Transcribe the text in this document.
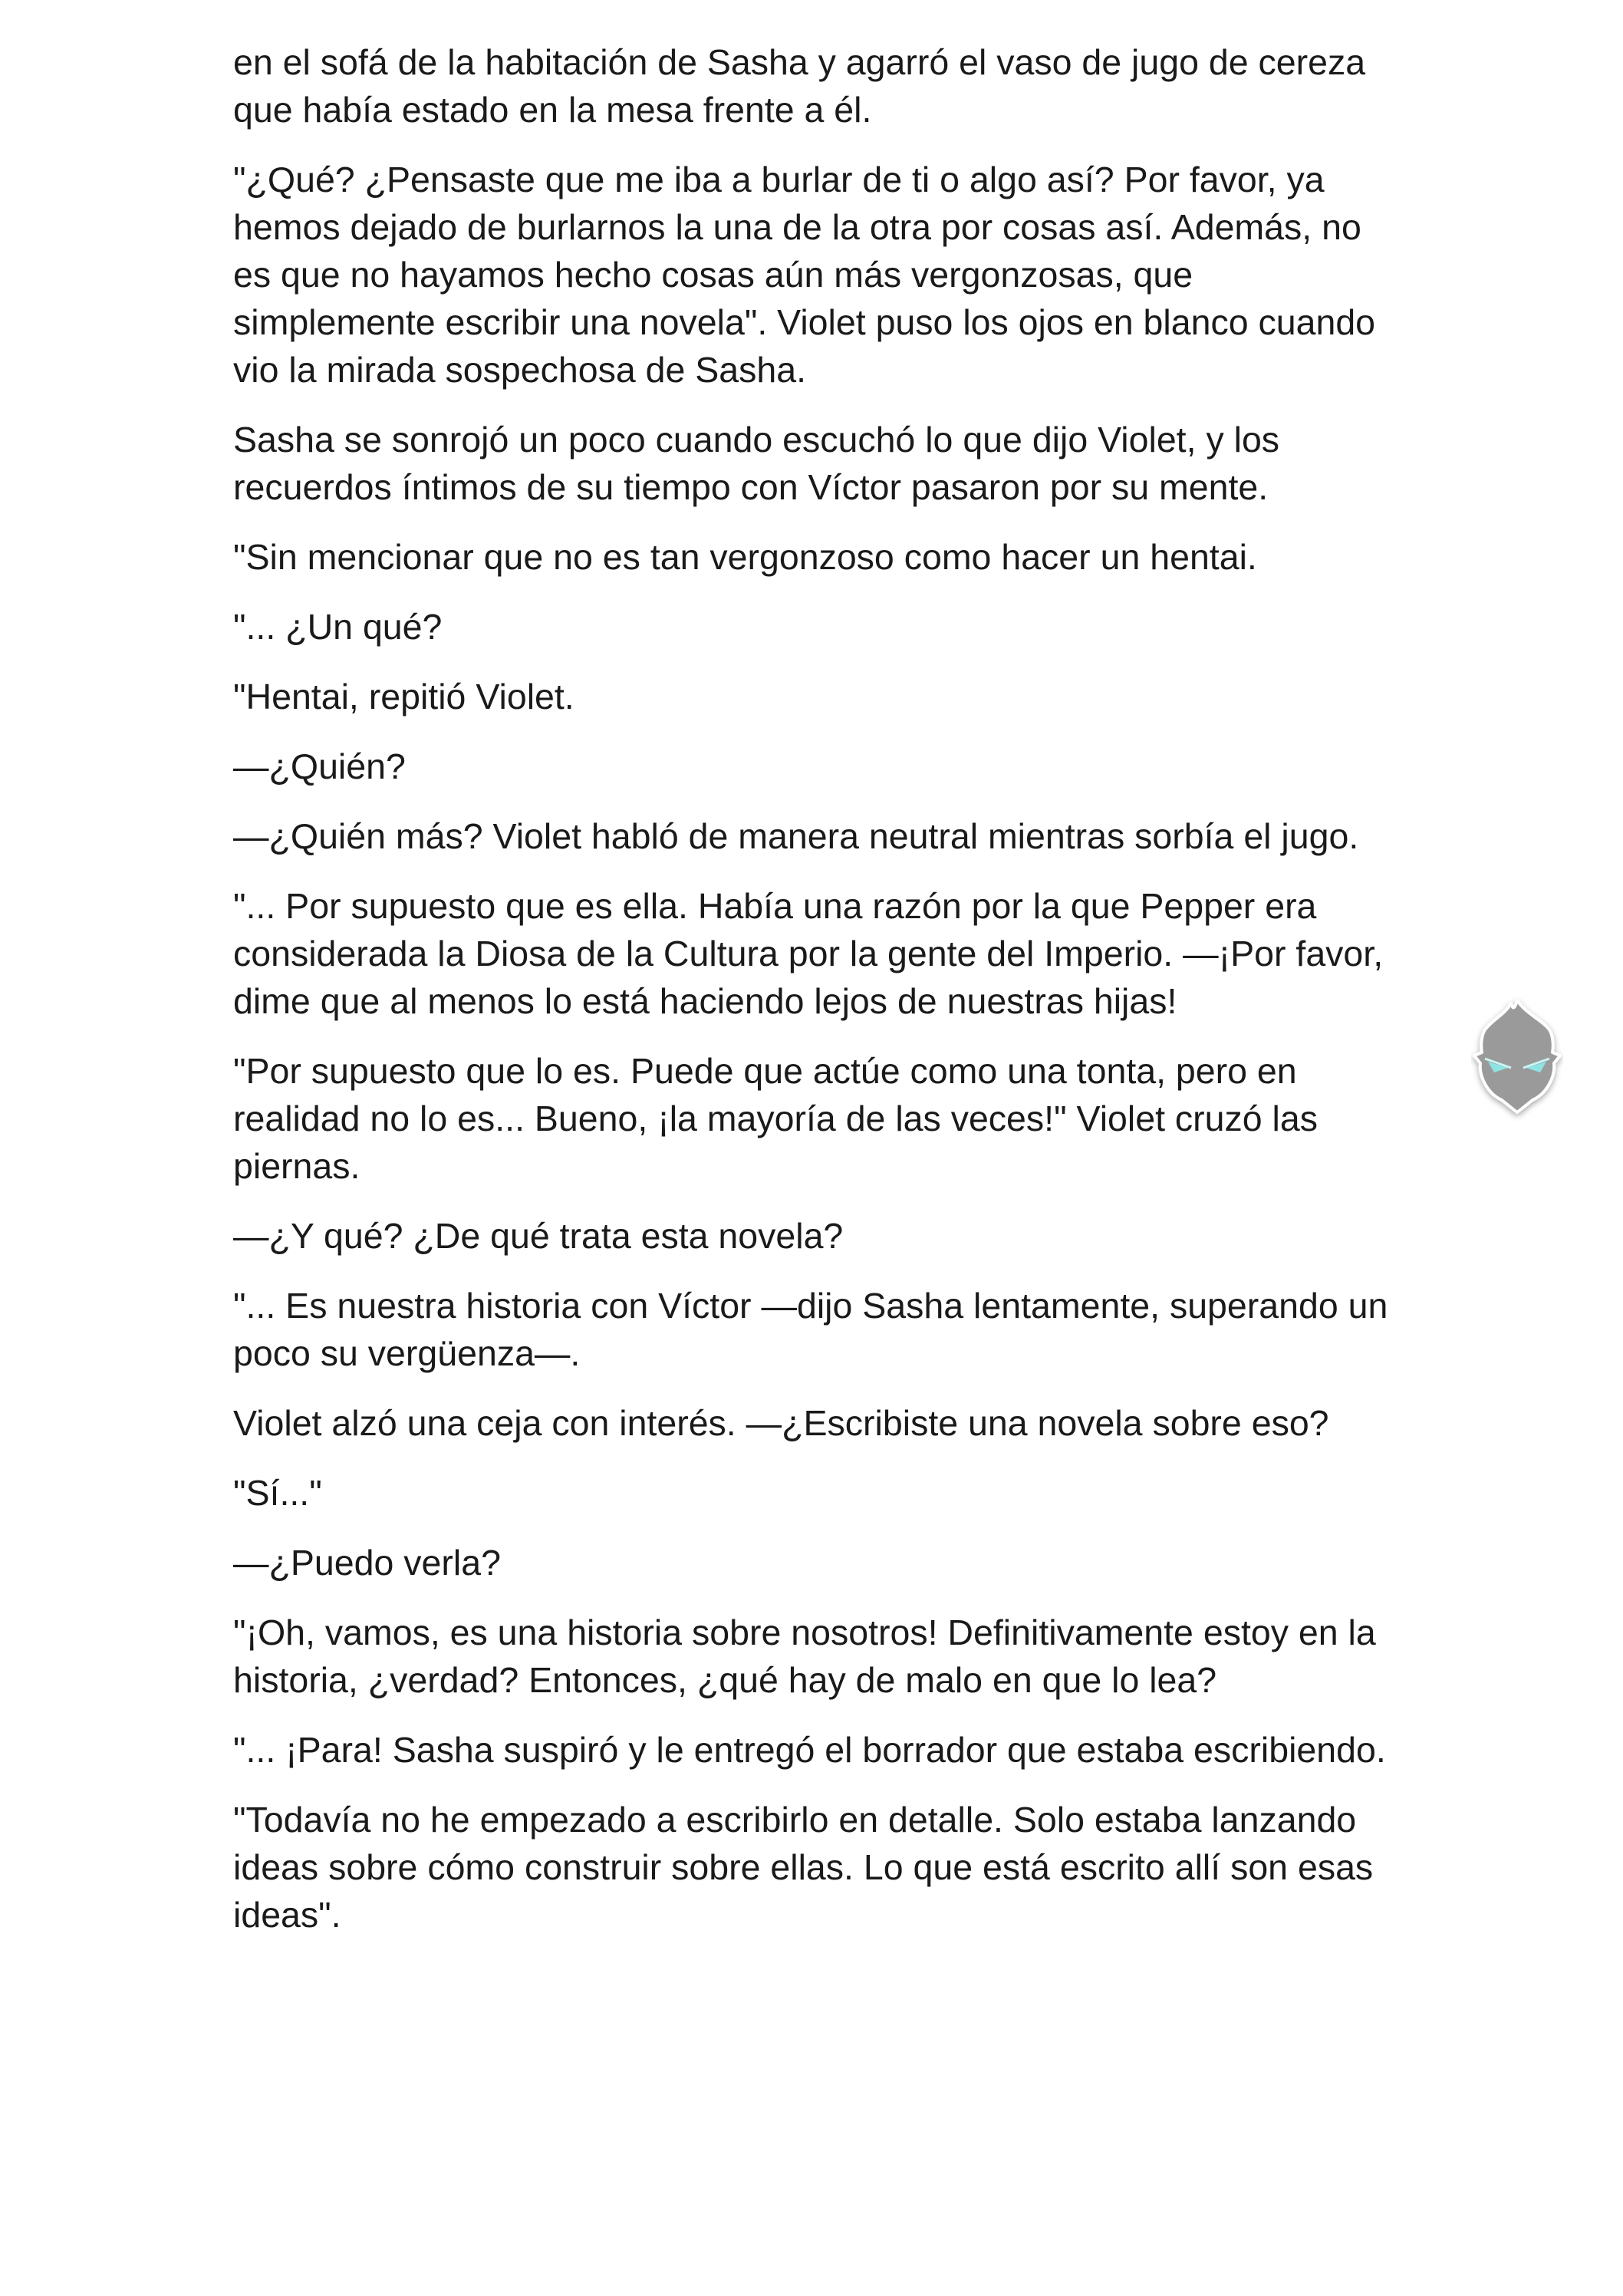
en el sofá de la habitación de Sasha y agarró el vaso de jugo de cereza que había estado en la mesa frente a él.

"¿Qué? ¿Pensaste que me iba a burlar de ti o algo así? Por favor, ya hemos dejado de burlarnos la una de la otra por cosas así. Además, no es que no hayamos hecho cosas aún más vergonzosas, que simplemente escribir una novela". Violet puso los ojos en blanco cuando vio la mirada sospechosa de Sasha.

Sasha se sonrojó un poco cuando escuchó lo que dijo Violet, y los recuerdos íntimos de su tiempo con Víctor pasaron por su mente.

"Sin mencionar que no es tan vergonzoso como hacer un hentai.

"... ¿Un qué?

"Hentai, repitió Violet.

—¿Quién?

—¿Quién más? Violet habló de manera neutral mientras sorbía el jugo.

"... Por supuesto que es ella. Había una razón por la que Pepper era considerada la Diosa de la Cultura por la gente del Imperio. —¡Por favor, dime que al menos lo está haciendo lejos de nuestras hijas!

"Por supuesto que lo es. Puede que actúe como una tonta, pero en realidad no lo es... Bueno, ¡la mayoría de las veces!" Violet cruzó las piernas.

—¿Y qué? ¿De qué trata esta novela?

"... Es nuestra historia con Víctor —dijo Sasha lentamente, superando un poco su vergüenza—.

Violet alzó una ceja con interés. —¿Escribiste una novela sobre eso?

"Sí..."

—¿Puedo verla?

"¡Oh, vamos, es una historia sobre nosotros! Definitivamente estoy en la historia, ¿verdad? Entonces, ¿qué hay de malo en que lo lea?

"... ¡Para! Sasha suspiró y le entregó el borrador que estaba escribiendo.

"Todavía no he empezado a escribirlo en detalle. Solo estaba lanzando ideas sobre cómo construir sobre ellas. Lo que está escrito allí son esas ideas".
